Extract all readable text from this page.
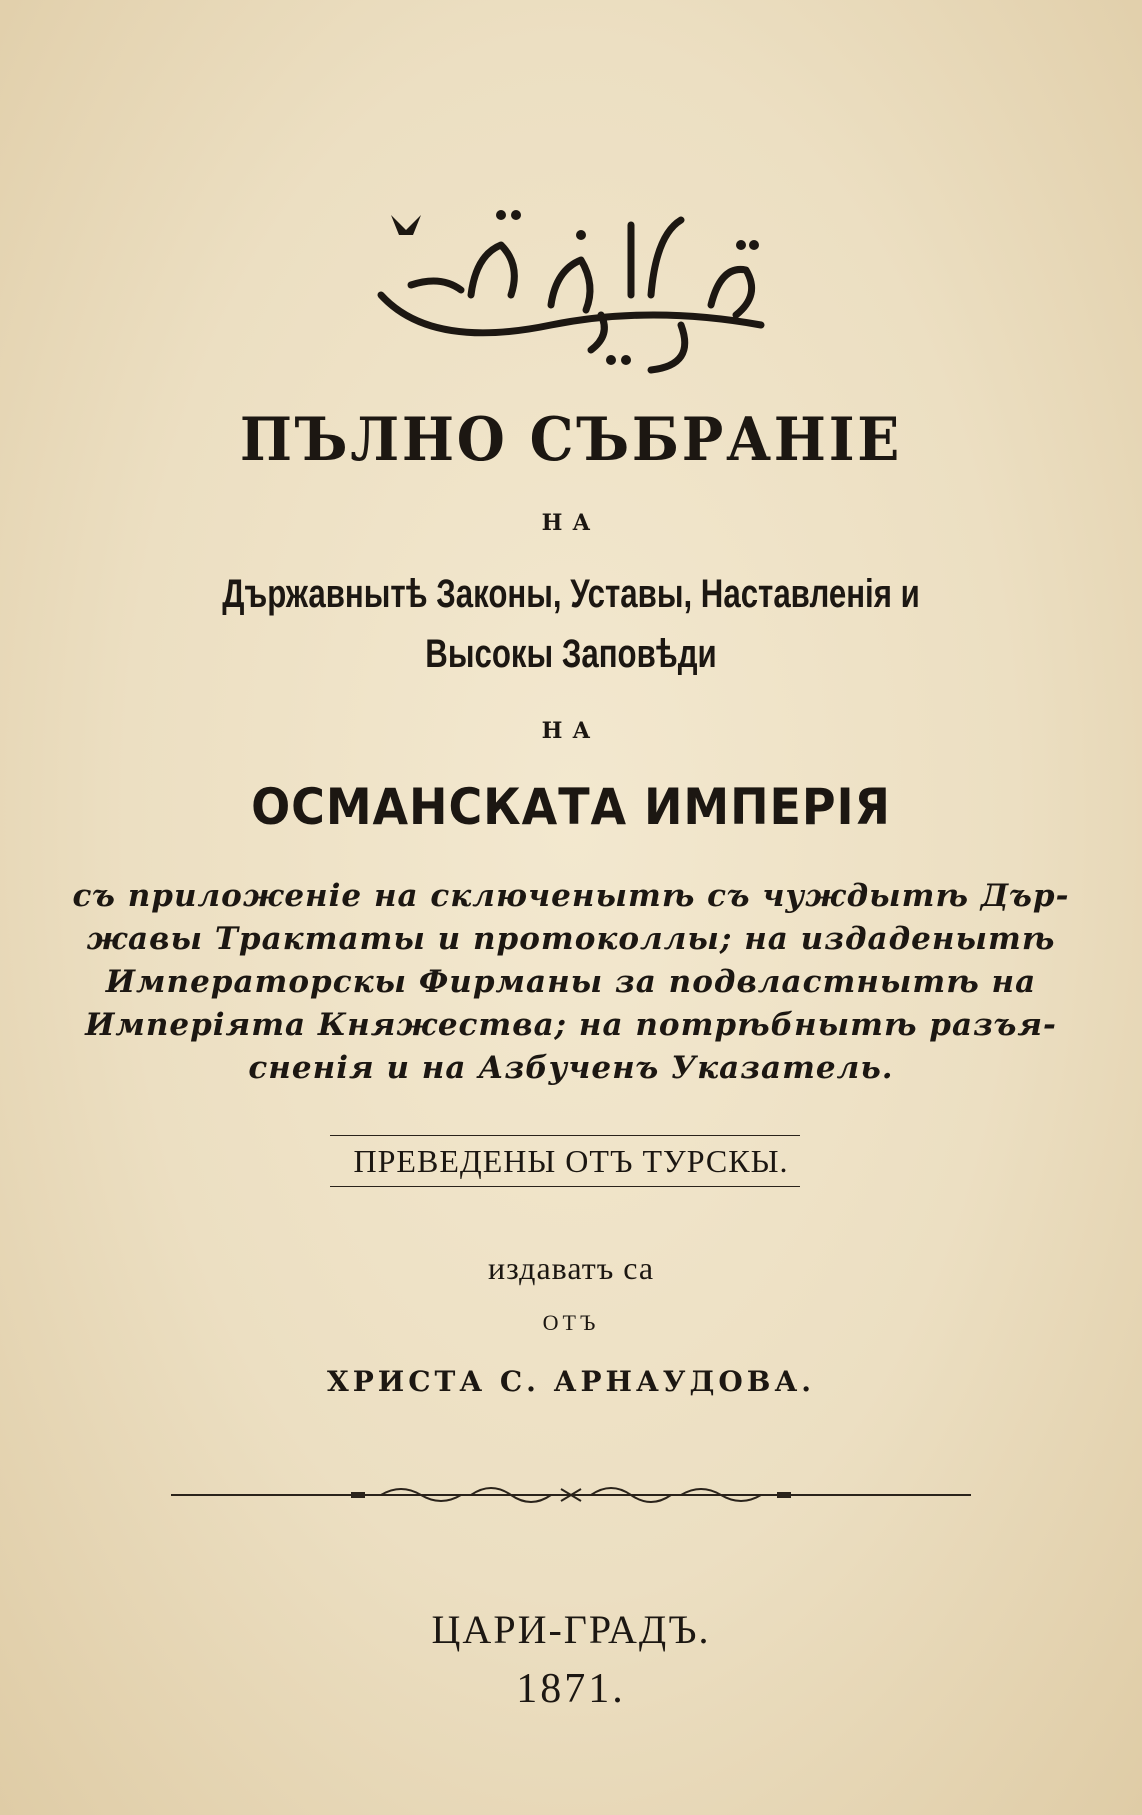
قوانين دولت عليه
ПЪЛНО СЪБРАНIЕ
НА
Държавнытѣ Законы, Уставы, Наставленія и
Высокы Заповѣди
НА
ОСМАНСКАТА ИМПЕРІЯ
съ приложеніе на сключенытѣ съ чуждытѣ Дър-
жавы Трактаты и протоколлы; на издаденытѣ
Императорскы Фирманы за подвластнытѣ на
Имперіята Княжества; на потрѣбнытѣ разъя-
сненія и на Азбученъ Указатель.
ПРЕВЕДЕНЫ ОТЪ ТУРСКЫ.
издаватъ са
ОТЪ
ХРИСТА С. АРНАУДОВА.
ЦАРИ-ГРАДЪ.
1871.
